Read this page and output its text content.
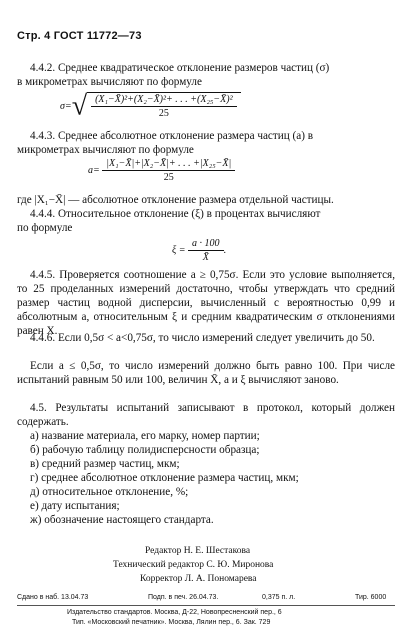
Стр. 4 ГОСТ 11772—73
4.4.2. Среднее квадратическое отклонение размеров частиц (σ)
в микрометрах вычисляют по формуле
$\sigma=√ \frac{\text{(X₁−X̄)²+(X₂−X̄)²+ . . . +(X₂₅−X̄)²}}{25}$
4.4.3. Среднее абсолютное отклонение размера частиц (a) в
микрометрах вычисляют по формуле
$a= \frac{\text{|X₁−X̄|+|X₂−X̄|+ . . . +|X₂₅−X̄|}}{25}$
где |X₁−X̄| — абсолютное отклонение размера отдельной частицы.
4.4.4. Относительное отклонение (ξ) в процентах вычисляют
по формуле
$\xi = \frac{a \cdot 100}{X̄}$ .
4.4.5. Проверяется соотношение a ≥ 0,75σ. Если это условие выполняется, то 25 проделанных измерений достаточно, чтобы утверждать что средний размер частиц водной дисперсии, вычисленный с вероятностью 0,99 и абсолютным a, относительным ξ и средним квадратическим σ отклонениями равен X.
4.4.6. Если 0,5σ < a<0,75σ, то число измерений следует увеличить до 50.
Если a ≤ 0,5σ, то число измерений должно быть равно 100. При числе испытаний равным 50 или 100, величин X̄, a и ξ вычисляют заново.
4.5. Результаты испытаний записывают в протокол, который должен содержать.
а) название материала, его марку, номер партии;
б) рабочую таблицу полидисперсности образца;
в) средний размер частиц, мкм;
г) среднее абсолютное отклонение размера частиц, мкм;
д) относительное отклонение, %;
е) дату испытания;
ж) обозначение настоящего стандарта.
Редактор Н. Е. Шестакова
Технический редактор С. Ю. Миронова
Корректор Л. А. Пономарева
Сдано в наб. 13.04.73	Подп. в печ. 26.04.73.	0,375 п. л.	Тир. 6000
Издательство стандартов. Москва, Д-22, Новопресненский пер., 6
Тип. «Московский печатник». Москва, Лялин пер., 6. Зак. 729
